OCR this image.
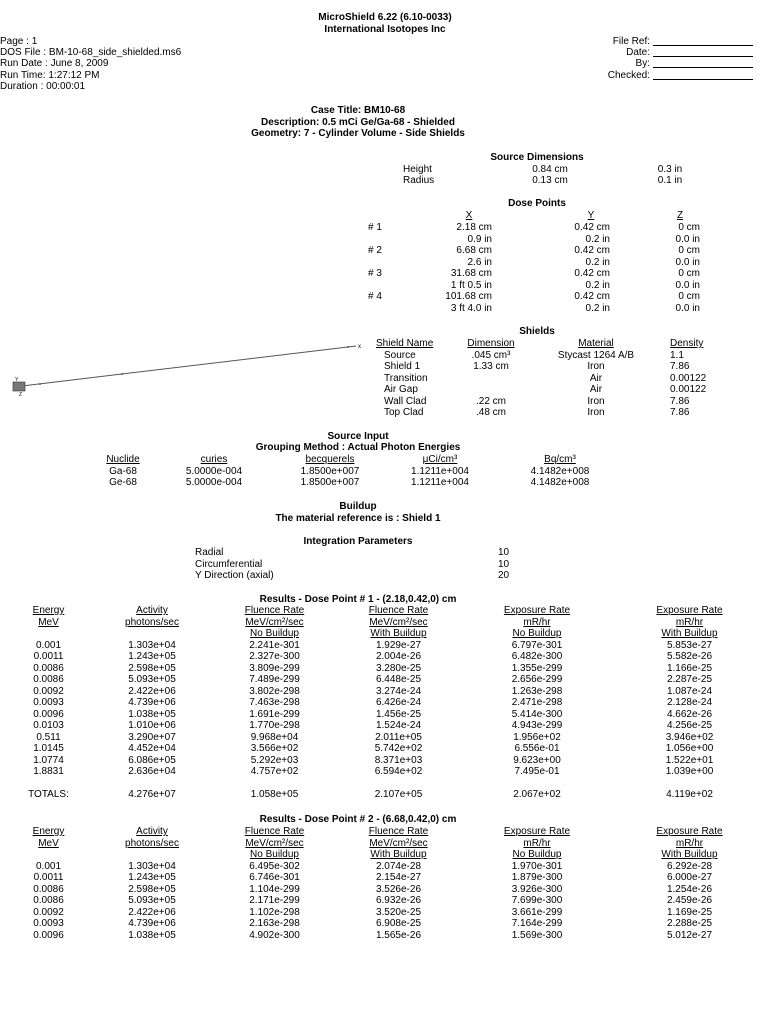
MicroShield 6.22 (6.10-0033)
International Isotopes Inc
Page : 1
DOS File : BM-10-68_side_shielded.ms6
Run Date : June 8, 2009
Run Time: 1:27:12 PM
Duration : 00:00:01
File Ref:
Date:
By:
Checked:
Case Title: BM10-68
Description: 0.5 mCi Ge/Ga-68 - Shielded
Geometry: 7 - Cylinder Volume - Side Shields
Source Dimensions
Height	0.84 cm	0.3 in
Radius	0.13 cm	0.1 in
Dose Points
X	Y	Z
# 1	2.18 cm	0.42 cm	0 cm
	0.9 in	0.2 in	0.0 in
# 2	6.68 cm	0.42 cm	0 cm
	2.6 in	0.2 in	0.0 in
# 3	31.68 cm	0.42 cm	0 cm
	1 ft 0.5 in	0.2 in	0.0 in
# 4	101.68 cm	0.42 cm	0 cm
	3 ft 4.0 in	0.2 in	0.0 in
Shields
Shield Name	Dimension	Material	Density
Source	.045 cm³	Stycast 1264 A/B	1.1
Shield 1	1.33 cm	Iron	7.86
Transition		Air	0.00122
Air Gap		Air	0.00122
Wall Clad	.22 cm	Iron	7.86
Top Clad	.48 cm	Iron	7.86
x
Y
Z
Source Input
Grouping Method : Actual Photon Energies
Nuclide	curies	becquerels	μCi/cm³	Bq/cm³
Ga-68	5.0000e-004	1.8500e+007	1.1211e+004	4.1482e+008
Ge-68	5.0000e-004	1.8500e+007	1.1211e+004	4.1482e+008
Buildup
The material reference is : Shield 1
Integration Parameters
Radial	10
Circumferential	10
Y Direction (axial)	20
Results - Dose Point # 1 - (2.18,0.42,0) cm
Energy	Activity	Fluence Rate	Fluence Rate	Exposure Rate	Exposure Rate
MeV	photons/sec	MeV/cm²/sec	MeV/cm²/sec	mR/hr	mR/hr
		No Buildup	With Buildup	No Buildup	With Buildup
0.001	1.303e+04	2.241e-301	1.929e-27	6.797e-301	5.853e-27
0.0011	1.243e+05	2.327e-300	2.004e-26	6.482e-300	5.582e-26
0.0086	2.598e+05	3.809e-299	3.280e-25	1.355e-299	1.166e-25
0.0086	5.093e+05	7.489e-299	6.448e-25	2.656e-299	2.287e-25
0.0092	2.422e+06	3.802e-298	3.274e-24	1.263e-298	1.087e-24
0.0093	4.739e+06	7.463e-298	6.426e-24	2.471e-298	2.128e-24
0.0096	1.038e+05	1.691e-299	1.456e-25	5.414e-300	4.662e-26
0.0103	1.010e+06	1.770e-298	1.524e-24	4.943e-299	4.256e-25
0.511	3.290e+07	9.968e+04	2.011e+05	1.956e+02	3.946e+02
1.0145	4.452e+04	3.566e+02	5.742e+02	6.556e-01	1.056e+00
1.0774	6.086e+05	5.292e+03	8.371e+03	9.623e+00	1.522e+01
1.8831	2.636e+04	4.757e+02	6.594e+02	7.495e-01	1.039e+00

TOTALS:	4.276e+07	1.058e+05	2.107e+05	2.067e+02	4.119e+02
Results - Dose Point # 2 - (6.68,0.42,0) cm
Energy	Activity	Fluence Rate	Fluence Rate	Exposure Rate	Exposure Rate
MeV	photons/sec	MeV/cm²/sec	MeV/cm²/sec	mR/hr	mR/hr
		No Buildup	With Buildup	No Buildup	With Buildup
0.001	1.303e+04	6.495e-302	2.074e-28	1.970e-301	6.292e-28
0.0011	1.243e+05	6.746e-301	2.154e-27	1.879e-300	6.000e-27
0.0086	2.598e+05	1.104e-299	3.526e-26	3.926e-300	1.254e-26
0.0086	5.093e+05	2.171e-299	6.932e-26	7.699e-300	2.459e-26
0.0092	2.422e+06	1.102e-298	3.520e-25	3.661e-299	1.169e-25
0.0093	4.739e+06	2.163e-298	6.908e-25	7.164e-299	2.288e-25
0.0096	1.038e+05	4.902e-300	1.565e-26	1.569e-300	5.012e-27
